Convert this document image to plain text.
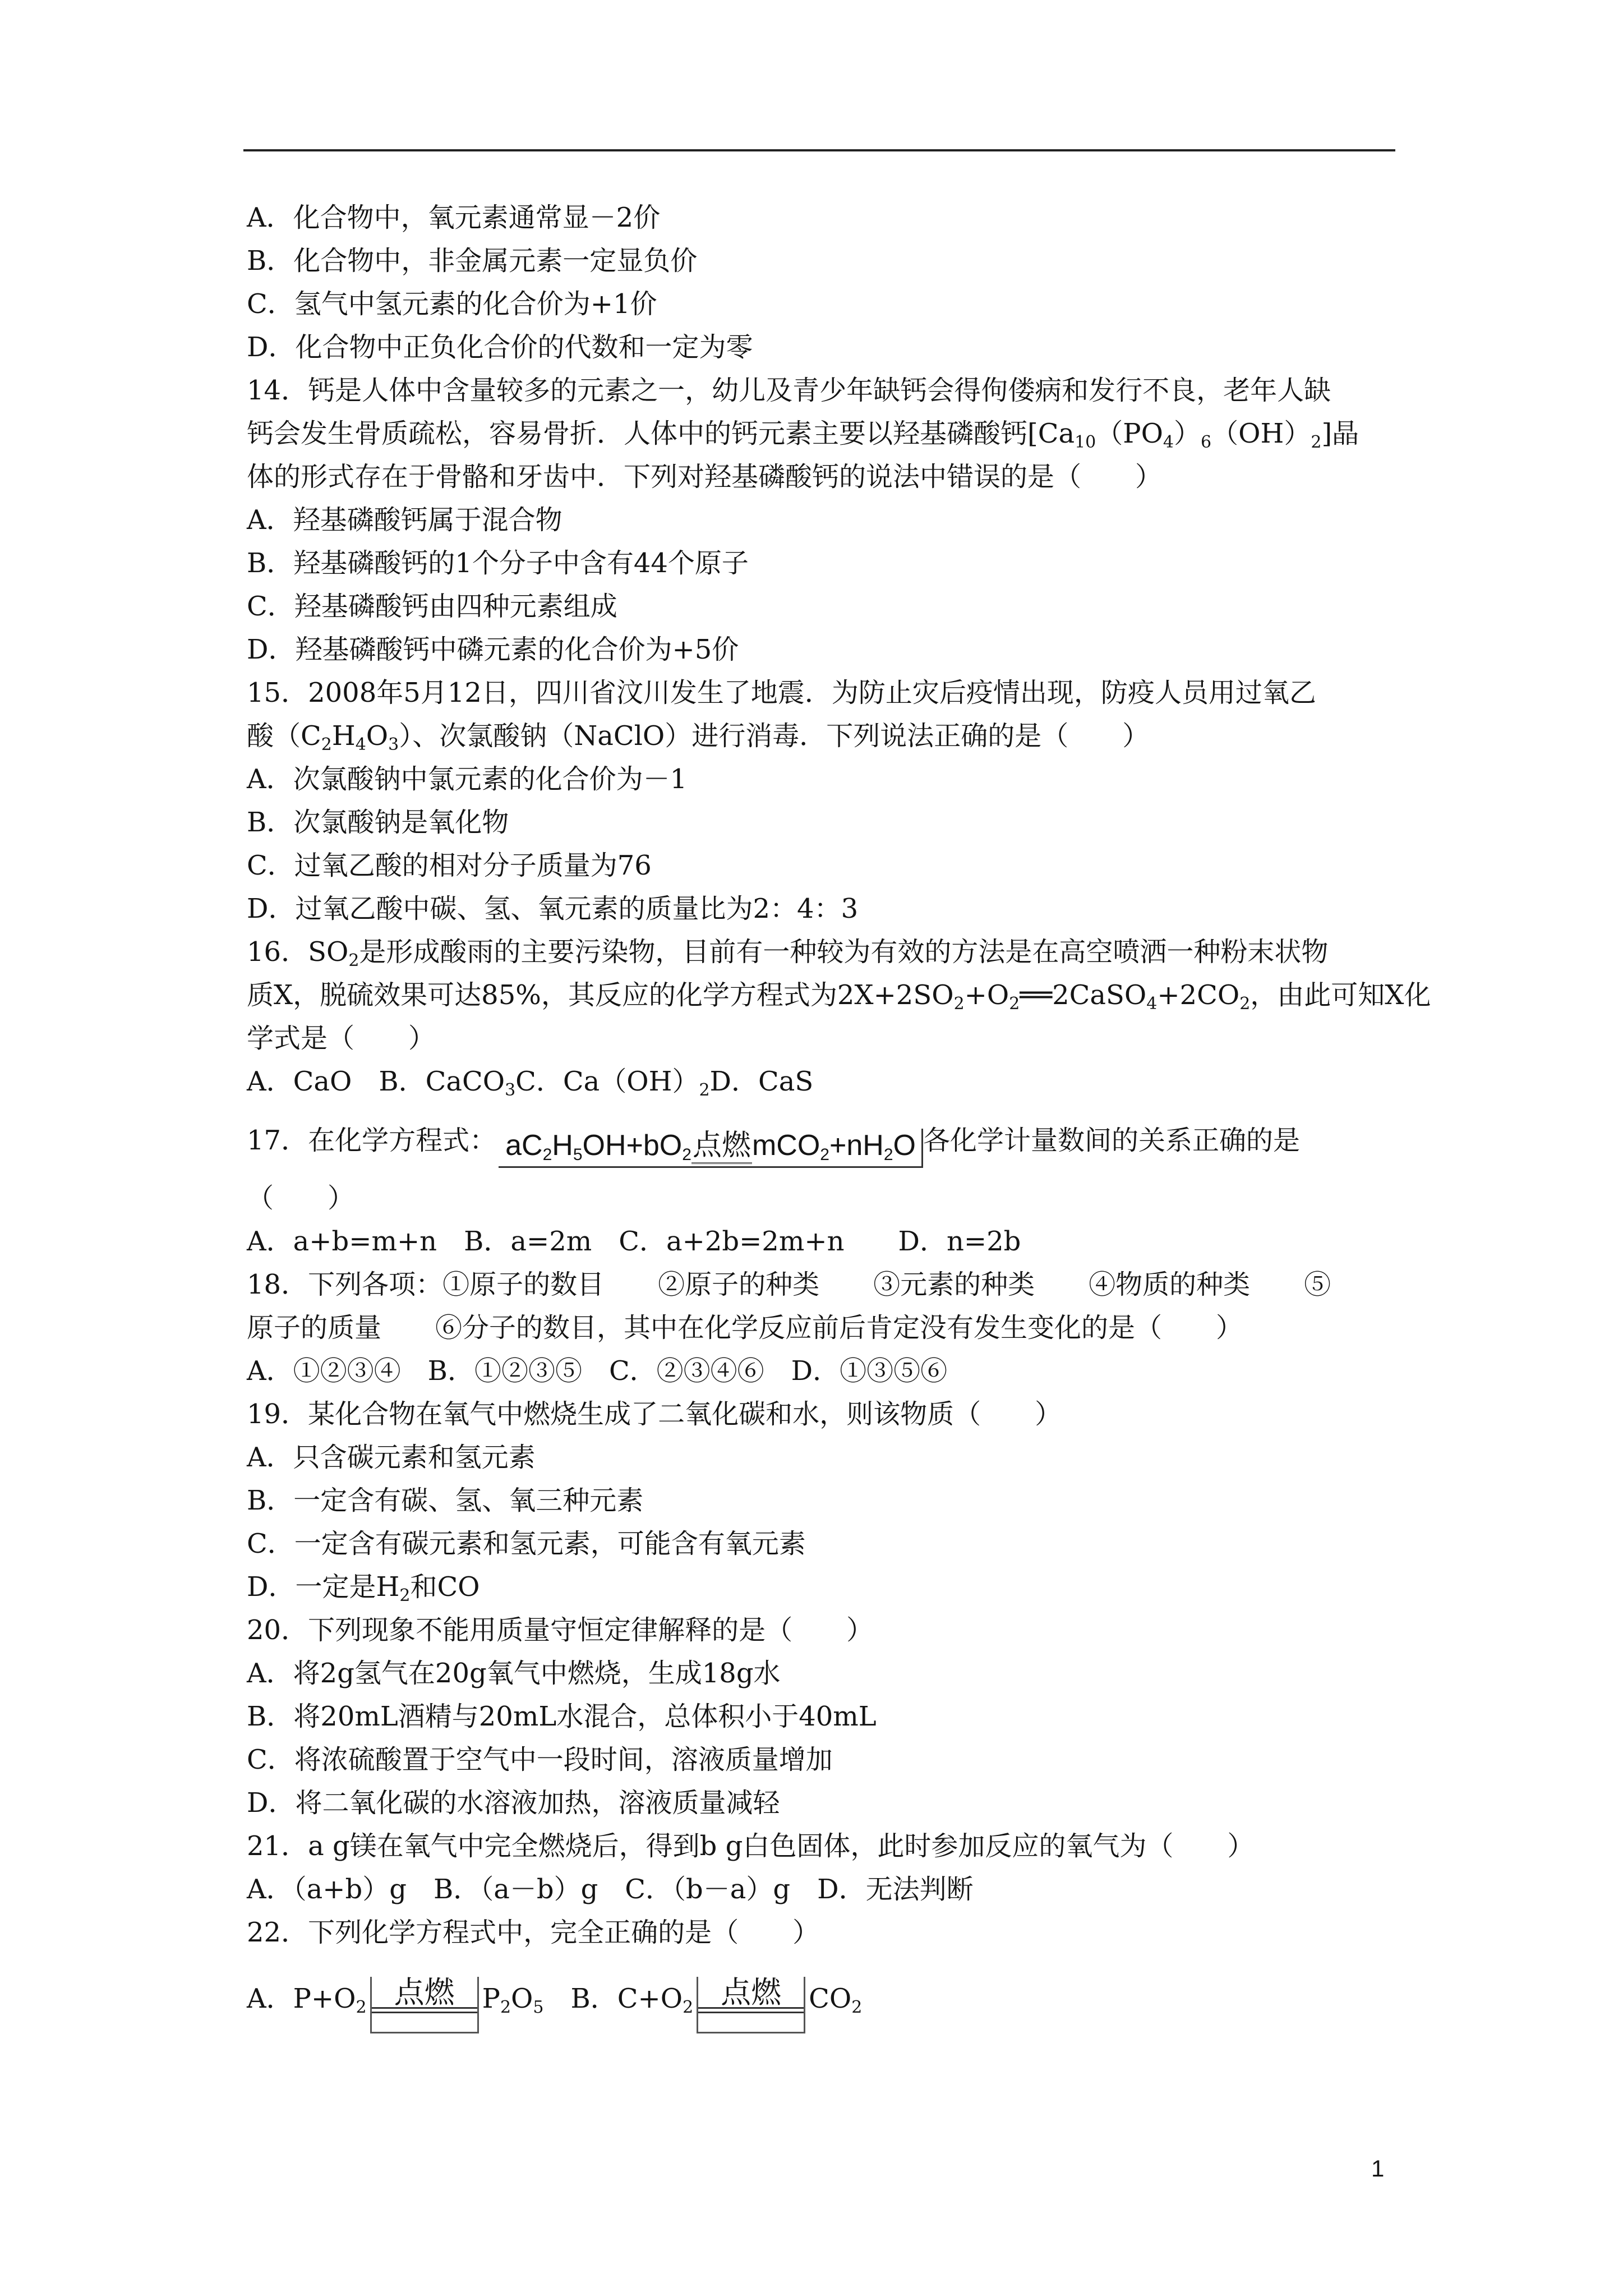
A．化合物中，氧元素通常显－2价
B．化合物中，非金属元素一定显负价
C．氢气中氢元素的化合价为+1价
D．化合物中正负化合价的代数和一定为零
14．钙是人体中含量较多的元素之一，幼儿及青少年缺钙会得佝偻病和发行不良，老年人缺
钙会发生骨质疏松，容易骨折．人体中的钙元素主要以羟基磷酸钙$[Ca_{10}(PO_4)_6(OH)_2]$晶
体的形式存在于骨骼和牙齿中．下列对羟基磷酸钙的说法中错误的是（　　）
A．羟基磷酸钙属于混合物
B．羟基磷酸钙的1个分子中含有44个原子
C．羟基磷酸钙由四种元素组成
D．羟基磷酸钙中磷元素的化合价为+5价
15．2008年5月12日，四川省汶川发生了地震．为防止灾后疫情出现，防疫人员用过氧乙
酸$(C_2H_4O_3)$、次氯酸钠（NaClO）进行消毒．下列说法正确的是（　　）
A．次氯酸钠中氯元素的化合价为－1
B．次氯酸钠是氧化物
C．过氧乙酸的相对分子质量为76
D．过氧乙酸中碳、氢、氧元素的质量比为2：4：3
16．$SO_2$是形成酸雨的主要污染物，目前有一种较为有效的方法是在高空喷洒一种粉末状物
质X，脱硫效果可达85%，其反应的化学方程式为$2X+2SO_2+O_2══2CaSO_4+2CO_2$，由此可知X化
学式是（　　）
A．CaO　B．CaCO$_3$C．$Ca(OH)_2D$．CaS
17．在化学方程式： $aC_2H_5OH+bO_2$点燃$mCO_2+nH_2O$ 各化学计量数间的关系正确的是
（　　）
A．a+b=m+n　B．a=2m　C．a+2b=2m+n　　D．n=2b
18．下列各项：①原子的数目　　②原子的种类　　③元素的种类　　④物质的种类　　⑤
原子的质量　　⑥分子的数目，其中在化学反应前后肯定没有发生变化的是（　　）
A．①②③④　B．①②③⑤　C．②③④⑥　D．①③⑤⑥
19．某化合物在氧气中燃烧生成了二氧化碳和水，则该物质（　　）
A．只含碳元素和氢元素
B．一定含有碳、氢、氧三种元素
C．一定含有碳元素和氢元素，可能含有氧元素
D．一定是$H_2$和CO
20．下列现象不能用质量守恒定律解释的是（　　）
A．将2g氢气在20g氧气中燃烧，生成18g水
B．将20mL酒精与20mL水混合，总体积小于40mL
C．将浓硫酸置于空气中一段时间，溶液质量增加
D．将二氧化碳的水溶液加热，溶液质量减轻
21．a g镁在氧气中完全燃烧后，得到b g白色固体，此时参加反应的氧气为（　　）
A．（a+b）g　B．（a－b）g　C．（b－a）g　D．无法判断
22．下列化学方程式中，完全正确的是（　　）
A．$P+O_2$ 点燃	$P_2O_5$　 B．$C+O_2$ 点燃	$CO_2$
1
